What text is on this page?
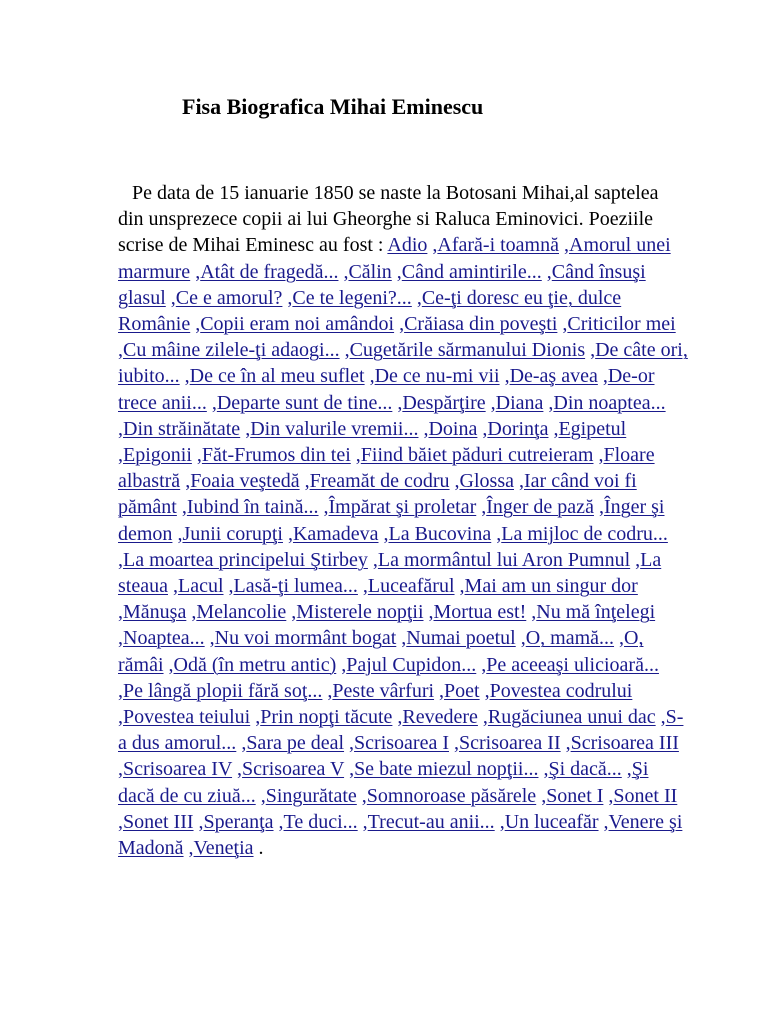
Fisa Biografica Mihai Eminescu

Pe data de 15 ianuarie 1850 se naste la Botosani Mihai,al saptelea din unsprezece copii ai lui Gheorghe si Raluca Eminovici. Poeziile scrise de Mihai Eminesc au fost : Adio ,Afară-i toamnă ,Amorul unei marmure ,Atât de fragedă... ,Călin ,Când amintirile... ,Când însuşi glasul ,Ce e amorul? ,Ce te legeni?... ,Ce-ţi doresc eu ţie, dulce Românie ,Copii eram noi amândoi ,Crăiasa din poveşti ,Criticilor mei ,Cu mâine zilele-ţi adaogi... ,Cugetările sărmanului Dionis ,De câte ori, iubito... ,De ce în al meu suflet ,De ce nu-mi vii ,De-aş avea ,De-or trece anii... ,Departe sunt de tine... ,Despărţire ,Diana ,Din noaptea... ,Din străinătate ,Din valurile vremii... ,Doina ,Dorinţa ,Egipetul ,Epigonii ,Făt-Frumos din tei ,Fiind băiet păduri cutreieram ,Floare albastră ,Foaia veştedă ,Freamăt de codru ,Glossa ,Iar când voi fi pământ ,Iubind în taină... ,Împărat şi proletar ,Înger de pază ,Înger şi demon ,Junii corupţi ,Kamadeva ,La Bucovina ,La mijloc de codru... ,La moartea principelui Ştirbey ,La mormântul lui Aron Pumnul ,La steaua ,Lacul ,Lasă-ţi lumea... ,Luceafărul ,Mai am un singur dor ,Mănuşa ,Melancolie ,Misterele nopţii ,Mortua est! ,Nu mă înţelegi ,Noaptea... ,Nu voi mormânt bogat ,Numai poetul ,O, mamă... ,O, rămâi ,Odă (în metru antic) ,Pajul Cupidon... ,Pe aceeaşi ulicioară... ,Pe lângă plopii fără soţ... ,Peste vârfuri ,Poet ,Povestea codrului ,Povestea teiului ,Prin nopţi tăcute ,Revedere ,Rugăciunea unui dac ,S-a dus amorul... ,Sara pe deal ,Scrisoarea I ,Scrisoarea II ,Scrisoarea III ,Scrisoarea IV ,Scrisoarea V ,Se bate miezul nopţii... ,Şi dacă... ,Şi dacă de cu ziuă... ,Singurătate ,Somnoroase păsărele ,Sonet I ,Sonet II ,Sonet III ,Speranţa ,Te duci... ,Trecut-au anii... ,Un luceafăr ,Venere şi Madonă ,Veneţia .
